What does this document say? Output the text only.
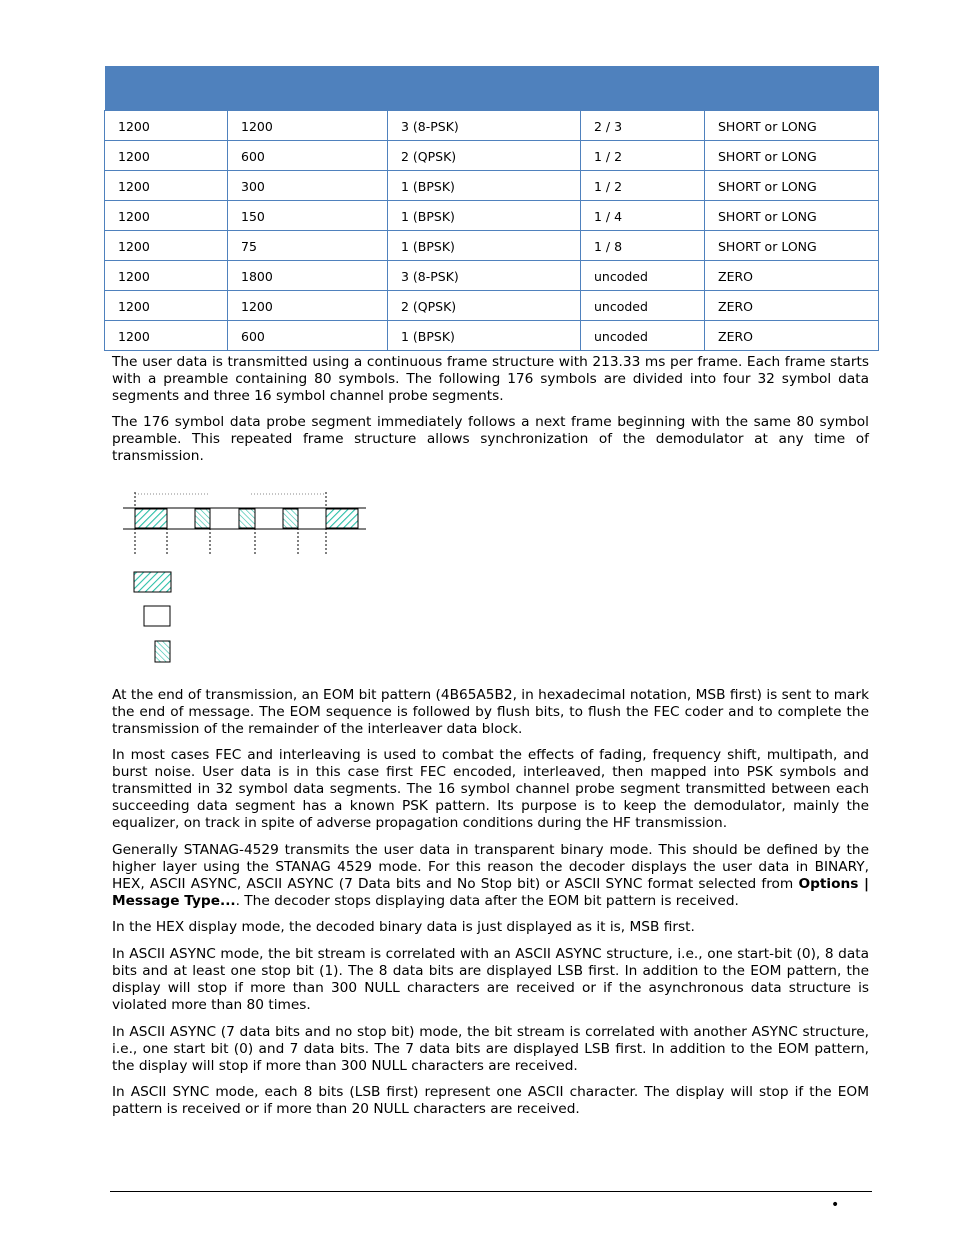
1200	1200	3 (8-PSK)	2 / 3	SHORT or LONG
1200	600	2 (QPSK)	1 / 2	SHORT or LONG
1200	300	1 (BPSK)	1 / 2	SHORT or LONG
1200	150	1 (BPSK)	1 / 4	SHORT or LONG
1200	75	1 (BPSK)	1 / 8	SHORT or LONG
1200	1800	3 (8-PSK)	uncoded	ZERO
1200	1200	2 (QPSK)	uncoded	ZERO
1200	600	1 (BPSK)	uncoded	ZERO

The user data is transmitted using a continuous frame structure with 213.33 ms per frame. Each frame starts with a preamble containing 80 symbols. The following 176 symbols are divided into four 32 symbol data segments and three 16 symbol channel probe segments.

The 176 symbol data probe segment immediately follows a next frame beginning with the same 80 symbol preamble. This repeated frame structure allows synchronization of the demodulator at any time of transmission.

At the end of transmission, an EOM bit pattern (4B65A5B2, in hexadecimal notation, MSB first) is sent to mark the end of message. The EOM sequence is followed by flush bits, to flush the FEC coder and to complete the transmission of the remainder of the interleaver data block.

In most cases FEC and interleaving is used to combat the effects of fading, frequency shift, multipath, and burst noise. User data is in this case first FEC encoded, interleaved, then mapped into PSK symbols and transmitted in 32 symbol data segments. The 16 symbol channel probe segment transmitted between each succeeding data segment has a known PSK pattern. Its purpose is to keep the demodulator, mainly the equalizer, on track in spite of adverse propagation conditions during the HF transmission.

Generally STANAG-4529 transmits the user data in transparent binary mode. This should be defined by the higher layer using the STANAG 4529 mode. For this reason the decoder displays the user data in BINARY, HEX, ASCII ASYNC, ASCII ASYNC (7 Data bits and No Stop bit) or ASCII SYNC format selected from Options | Message Type.... The decoder stops displaying data after the EOM bit pattern is received.

In the HEX display mode, the decoded binary data is just displayed as it is, MSB first.

In ASCII ASYNC mode, the bit stream is correlated with an ASCII ASYNC structure, i.e., one start-bit (0), 8 data bits and at least one stop bit (1). The 8 data bits are displayed LSB first. In addition to the EOM pattern, the display will stop if more than 300 NULL characters are received or if the asynchronous data structure is violated more than 80 times.

In ASCII ASYNC (7 data bits and no stop bit) mode, the bit stream is correlated with another ASYNC structure, i.e., one start bit (0) and 7 data bits. The 7 data bits are displayed LSB first. In addition to the EOM pattern, the display will stop if more than 300 NULL characters are received.

In ASCII SYNC mode, each 8 bits (LSB first) represent one ASCII character. The display will stop if the EOM pattern is received or if more than 20 NULL characters are received.

•
